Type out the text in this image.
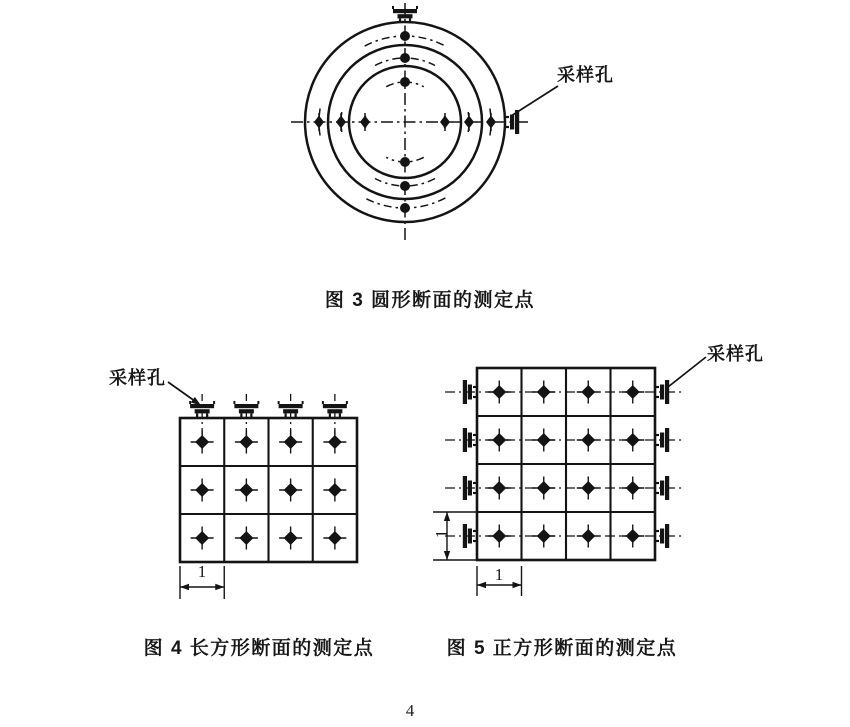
采样孔
图 3 圆形断面的测定点
采样孔
1
图 4 长方形断面的测定点
采样孔
1
1
图 5 正方形断面的测定点
4
